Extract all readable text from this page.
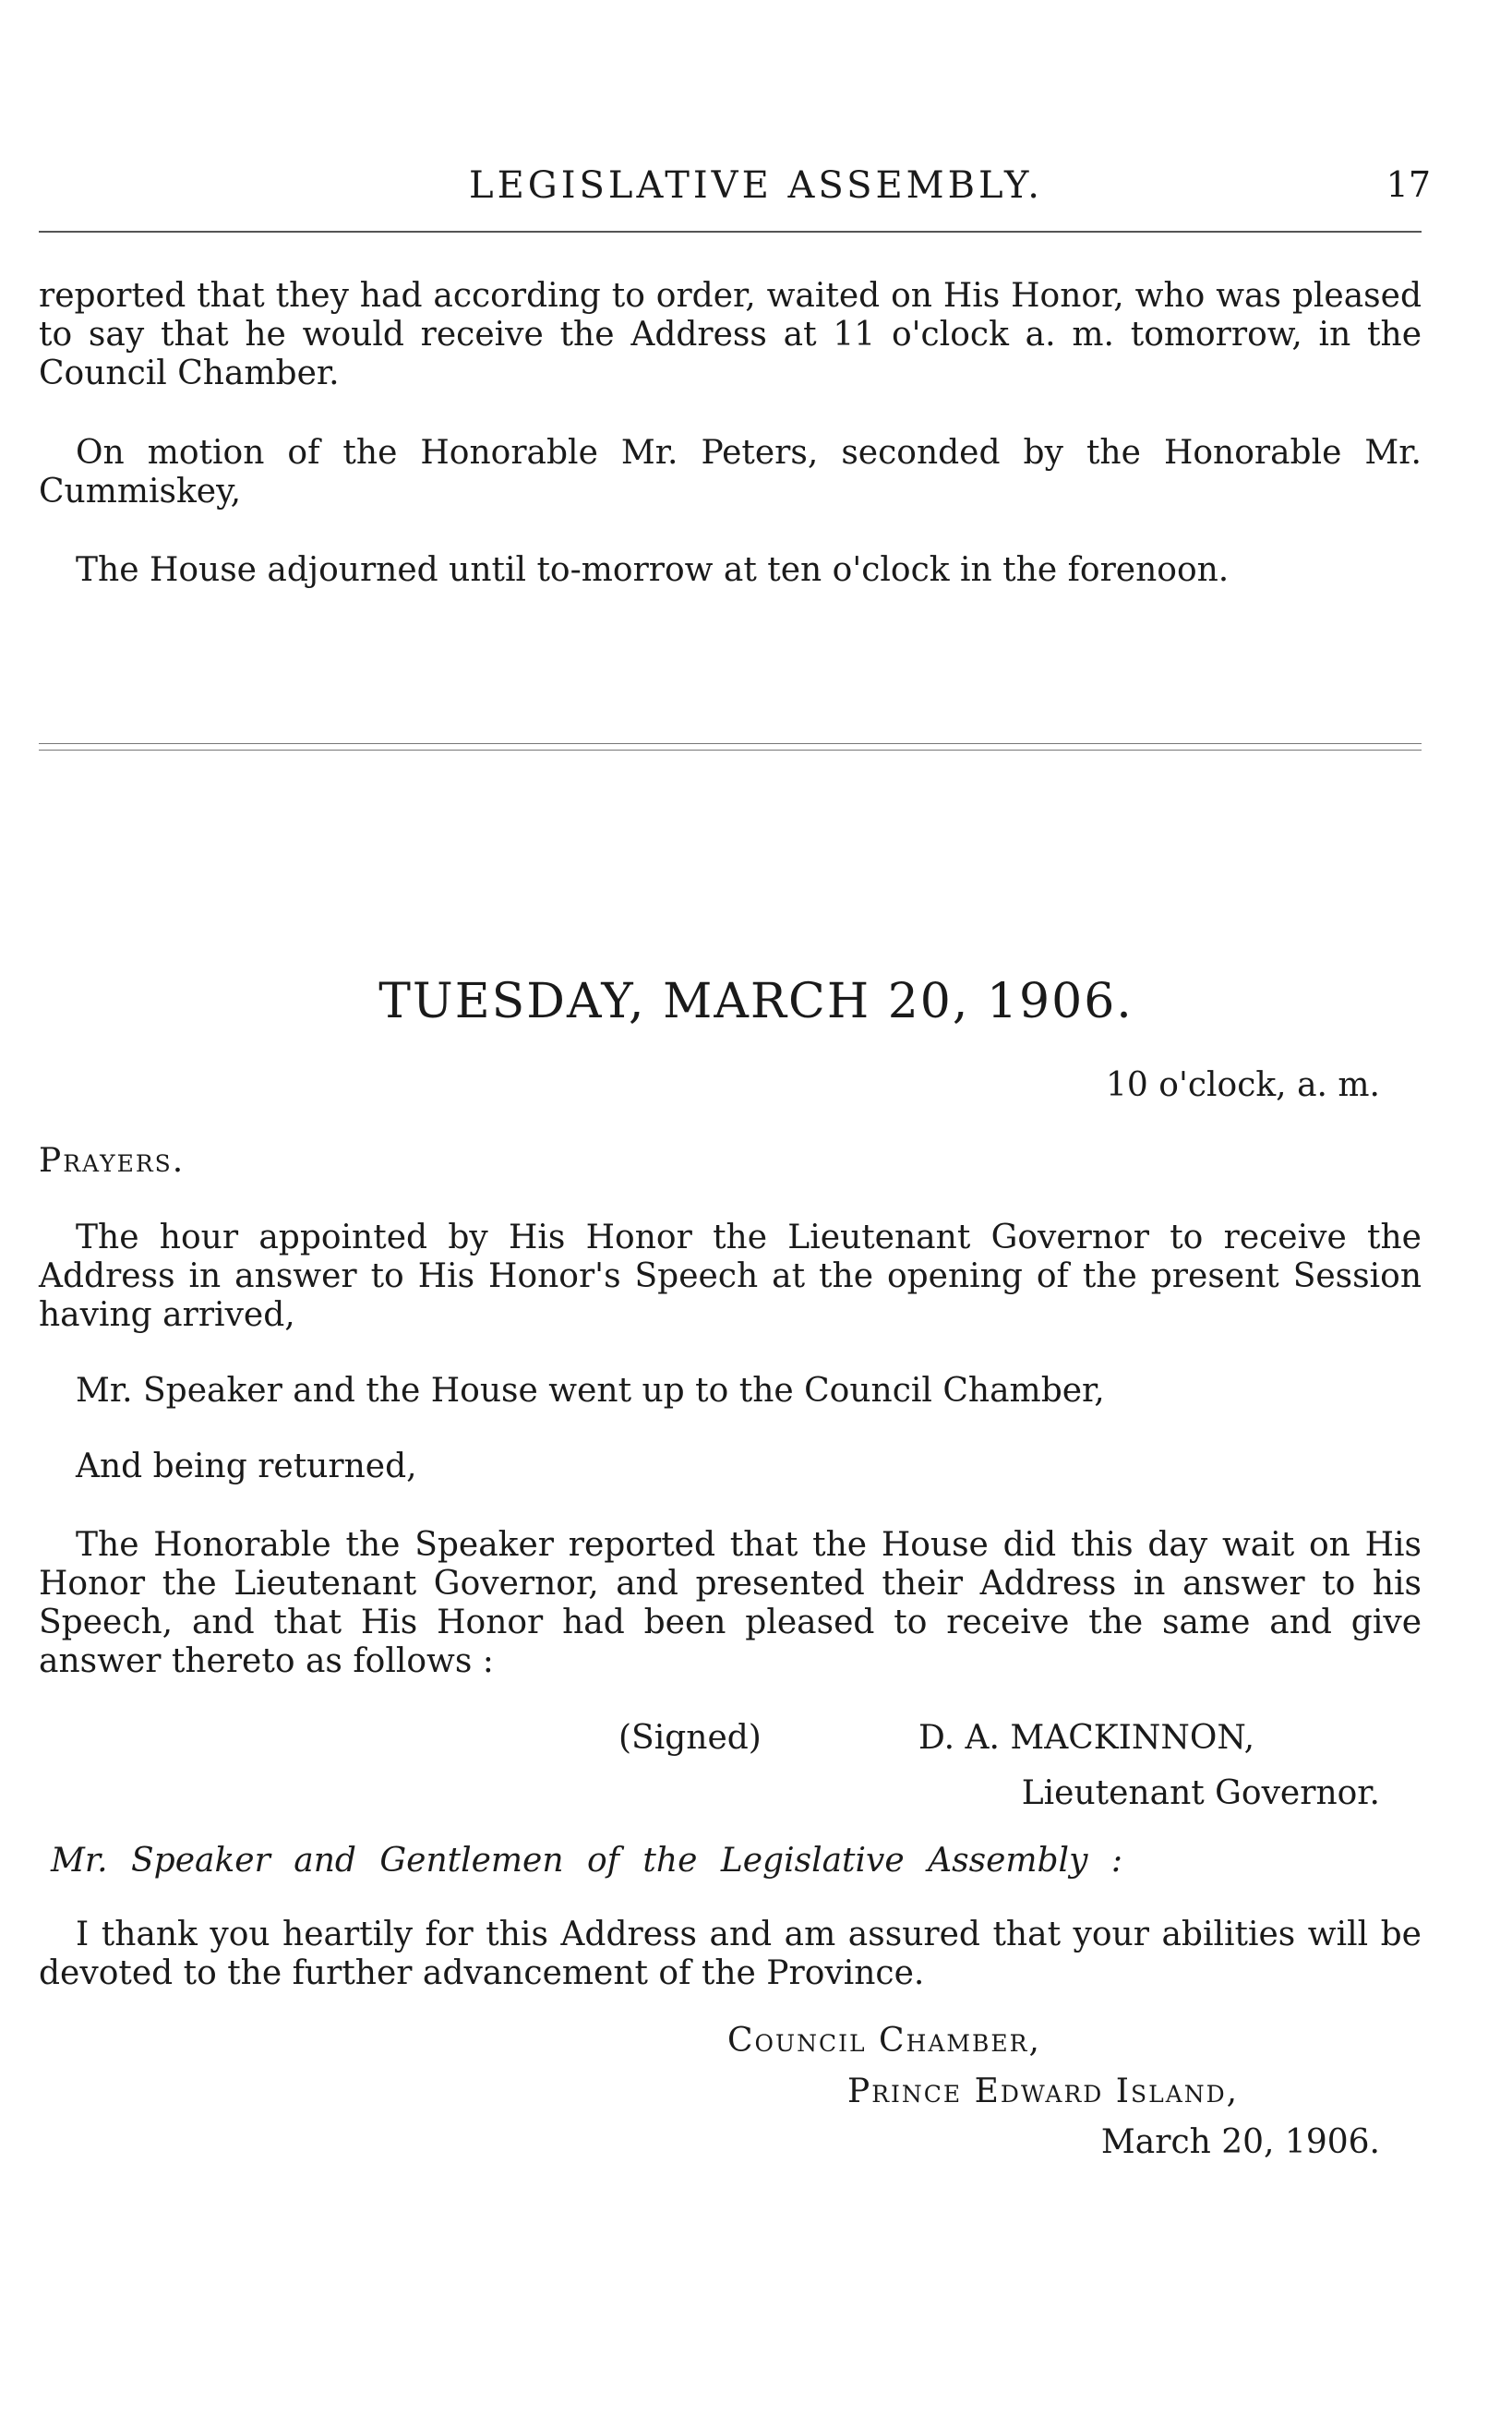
LEGISLATIVE ASSEMBLY.	17
reported that they had according to order, waited on His Honor, who was pleased to say that he would receive the Address at 11 o'clock a. m. tomorrow, in the Council Chamber.
On motion of the Honorable Mr. Peters, seconded by the Honorable Mr. Cummiskey,
The House adjourned until to-morrow at ten o'clock in the forenoon.
TUESDAY, MARCH 20, 1906.
10 o'clock, a. m.
Prayers.
The hour appointed by His Honor the Lieutenant Governor to receive the Address in answer to His Honor's Speech at the opening of the present Session having arrived,
Mr. Speaker and the House went up to the Council Chamber,
And being returned,
The Honorable the Speaker reported that the House did this day wait on His Honor the Lieutenant Governor, and presented their Address in answer to his Speech, and that His Honor had been pleased to receive the same and give answer thereto as follows :
(Signed)	D. A. MACKINNON,
Lieutenant Governor.
Mr. Speaker and Gentlemen of the Legislative Assembly :
I thank you heartily for this Address and am assured that your abilities will be devoted to the further advancement of the Province.
Council Chamber,
Prince Edward Island,
March 20, 1906.
